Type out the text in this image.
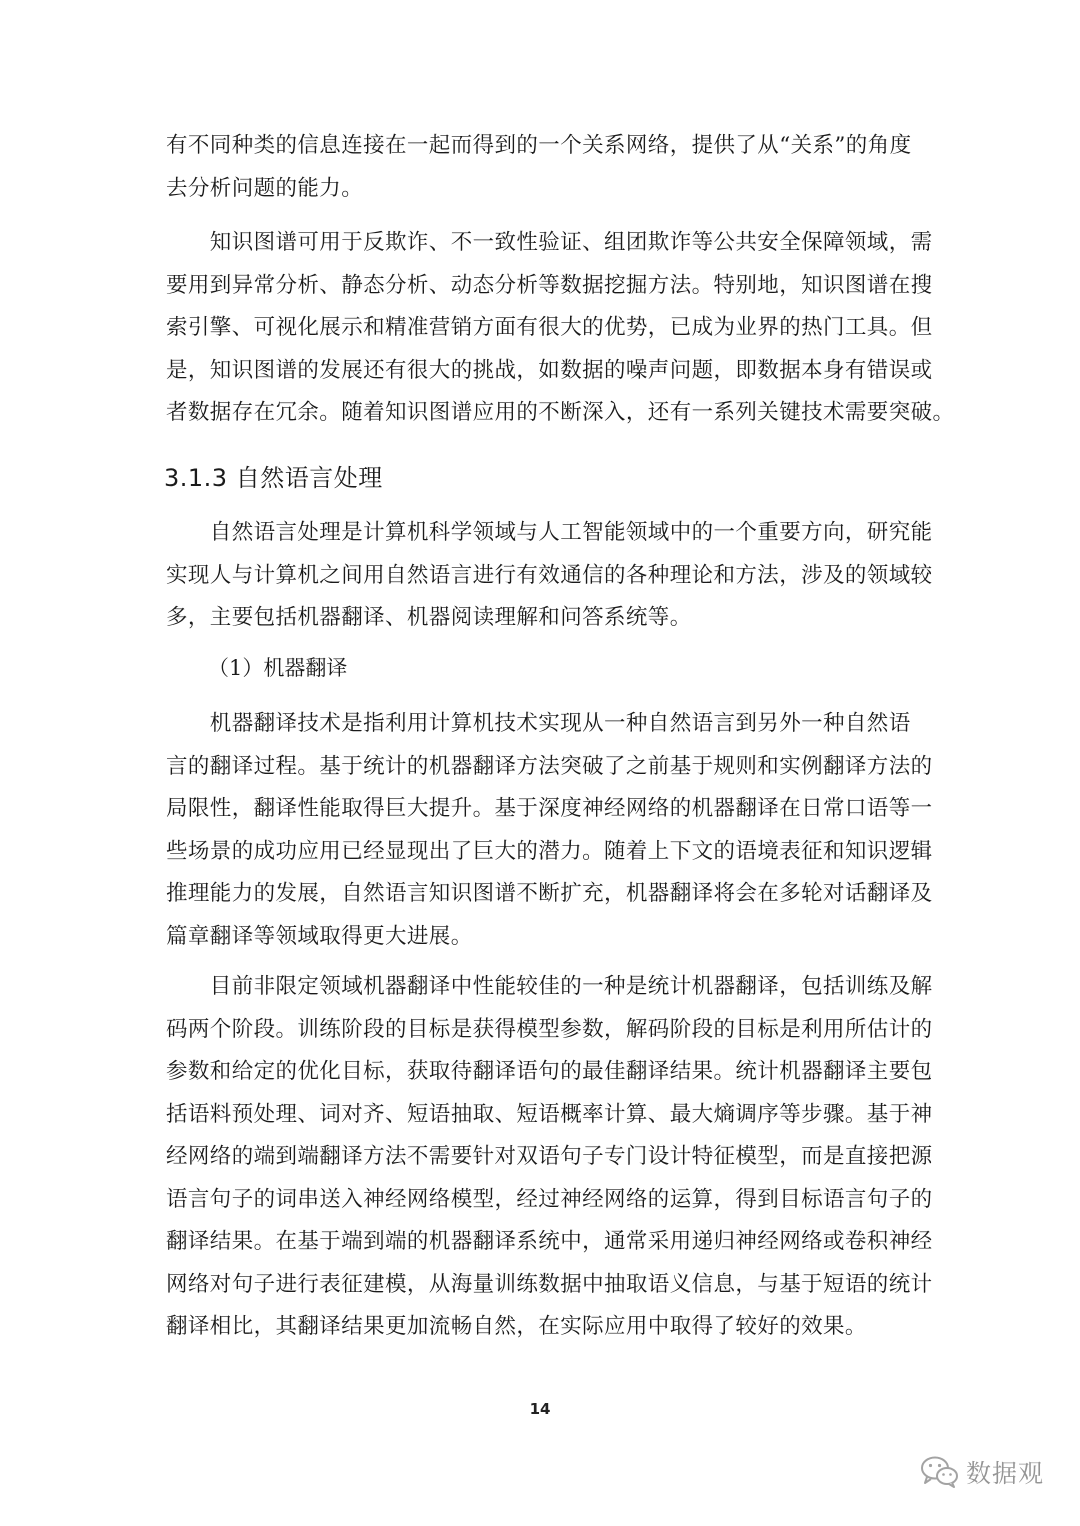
有不同种类的信息连接在一起而得到的一个关系网络，提供了从“关系”的角度
去分析问题的能力。
　　知识图谱可用于反欺诈、不一致性验证、组团欺诈等公共安全保障领域，需
要用到异常分析、静态分析、动态分析等数据挖掘方法。特别地，知识图谱在搜
索引擎、可视化展示和精准营销方面有很大的优势，已成为业界的热门工具。但
是，知识图谱的发展还有很大的挑战，如数据的噪声问题，即数据本身有错误或
者数据存在冗余。随着知识图谱应用的不断深入，还有一系列关键技术需要突破。
3.1.3 自然语言处理
　　自然语言处理是计算机科学领域与人工智能领域中的一个重要方向，研究能
实现人与计算机之间用自然语言进行有效通信的各种理论和方法，涉及的领域较
多，主要包括机器翻译、机器阅读理解和问答系统等。
（1）机器翻译
　　机器翻译技术是指利用计算机技术实现从一种自然语言到另外一种自然语
言的翻译过程。基于统计的机器翻译方法突破了之前基于规则和实例翻译方法的
局限性，翻译性能取得巨大提升。基于深度神经网络的机器翻译在日常口语等一
些场景的成功应用已经显现出了巨大的潜力。随着上下文的语境表征和知识逻辑
推理能力的发展，自然语言知识图谱不断扩充，机器翻译将会在多轮对话翻译及
篇章翻译等领域取得更大进展。
　　目前非限定领域机器翻译中性能较佳的一种是统计机器翻译，包括训练及解
码两个阶段。训练阶段的目标是获得模型参数，解码阶段的目标是利用所估计的
参数和给定的优化目标，获取待翻译语句的最佳翻译结果。统计机器翻译主要包
括语料预处理、词对齐、短语抽取、短语概率计算、最大熵调序等步骤。基于神
经网络的端到端翻译方法不需要针对双语句子专门设计特征模型，而是直接把源
语言句子的词串送入神经网络模型，经过神经网络的运算，得到目标语言句子的
翻译结果。在基于端到端的机器翻译系统中，通常采用递归神经网络或卷积神经
网络对句子进行表征建模，从海量训练数据中抽取语义信息，与基于短语的统计
翻译相比，其翻译结果更加流畅自然，在实际应用中取得了较好的效果。
14
数据观
